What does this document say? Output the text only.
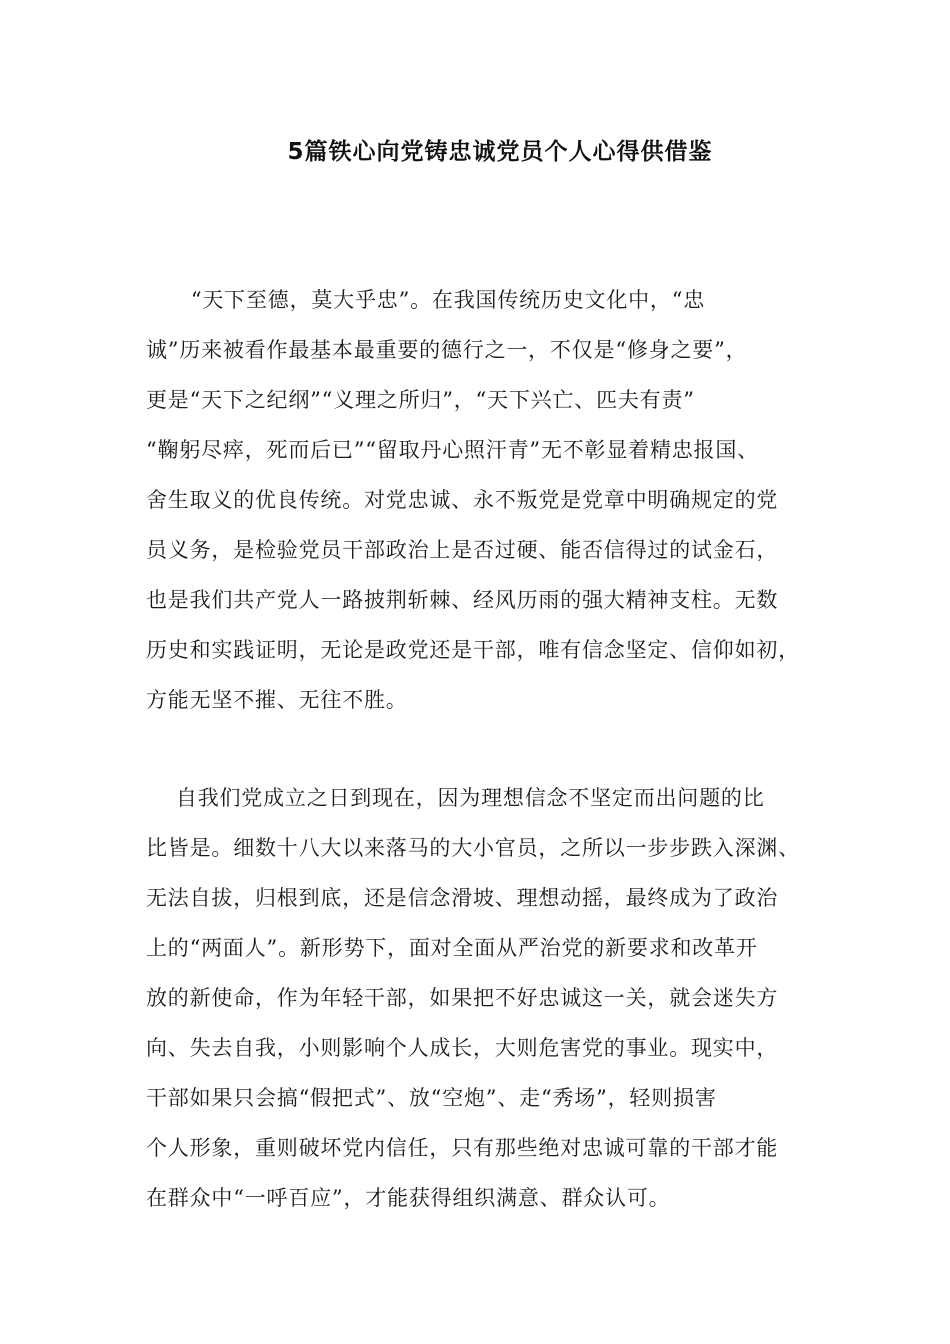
5篇铁心向党铸忠诚党员个人心得供借鉴
“天下至德，莫大乎忠”。在我国传统历史文化中，“忠
诚”历来被看作最基本最重要的德行之一，不仅是“修身之要”，
更是“天下之纪纲”“义理之所归”，“天下兴亡、匹夫有责”
“鞠躬尽瘁，死而后已”“留取丹心照汗青”无不彰显着精忠报国、
舍生取义的优良传统。对党忠诚、永不叛党是党章中明确规定的党
员义务，是检验党员干部政治上是否过硬、能否信得过的试金石，
也是我们共产党人一路披荆斩棘、经风历雨的强大精神支柱。无数
历史和实践证明，无论是政党还是干部，唯有信念坚定、信仰如初，
方能无坚不摧、无往不胜。
自我们党成立之日到现在，因为理想信念不坚定而出问题的比
比皆是。细数十八大以来落马的大小官员，之所以一步步跌入深渊、
无法自拔，归根到底，还是信念滑坡、理想动摇，最终成为了政治
上的“两面人”。新形势下，面对全面从严治党的新要求和改革开
放的新使命，作为年轻干部，如果把不好忠诚这一关，就会迷失方
向、失去自我，小则影响个人成长，大则危害党的事业。现实中，
干部如果只会搞“假把式”、放“空炮”、走“秀场”，轻则损害
个人形象，重则破坏党内信任，只有那些绝对忠诚可靠的干部才能
在群众中“一呼百应”，才能获得组织满意、群众认可。
